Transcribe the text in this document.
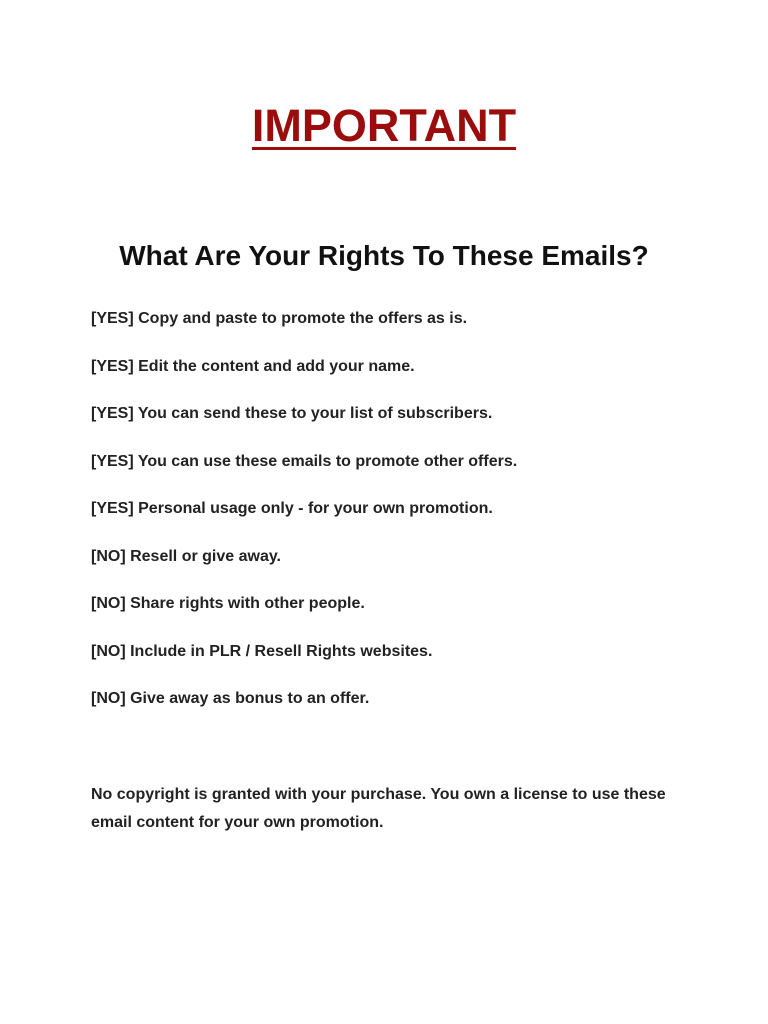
IMPORTANT
What Are Your Rights To These Emails?
[YES] Copy and paste to promote the offers as is.
[YES] Edit the content and add your name.
[YES] You can send these to your list of subscribers.
[YES] You can use these emails to promote other offers.
[YES] Personal usage only - for your own promotion.
[NO] Resell or give away.
[NO] Share rights with other people.
[NO] Include in PLR / Resell Rights websites.
[NO] Give away as bonus to an offer.

No copyright is granted with your purchase. You own a license to use these email content for your own promotion.
